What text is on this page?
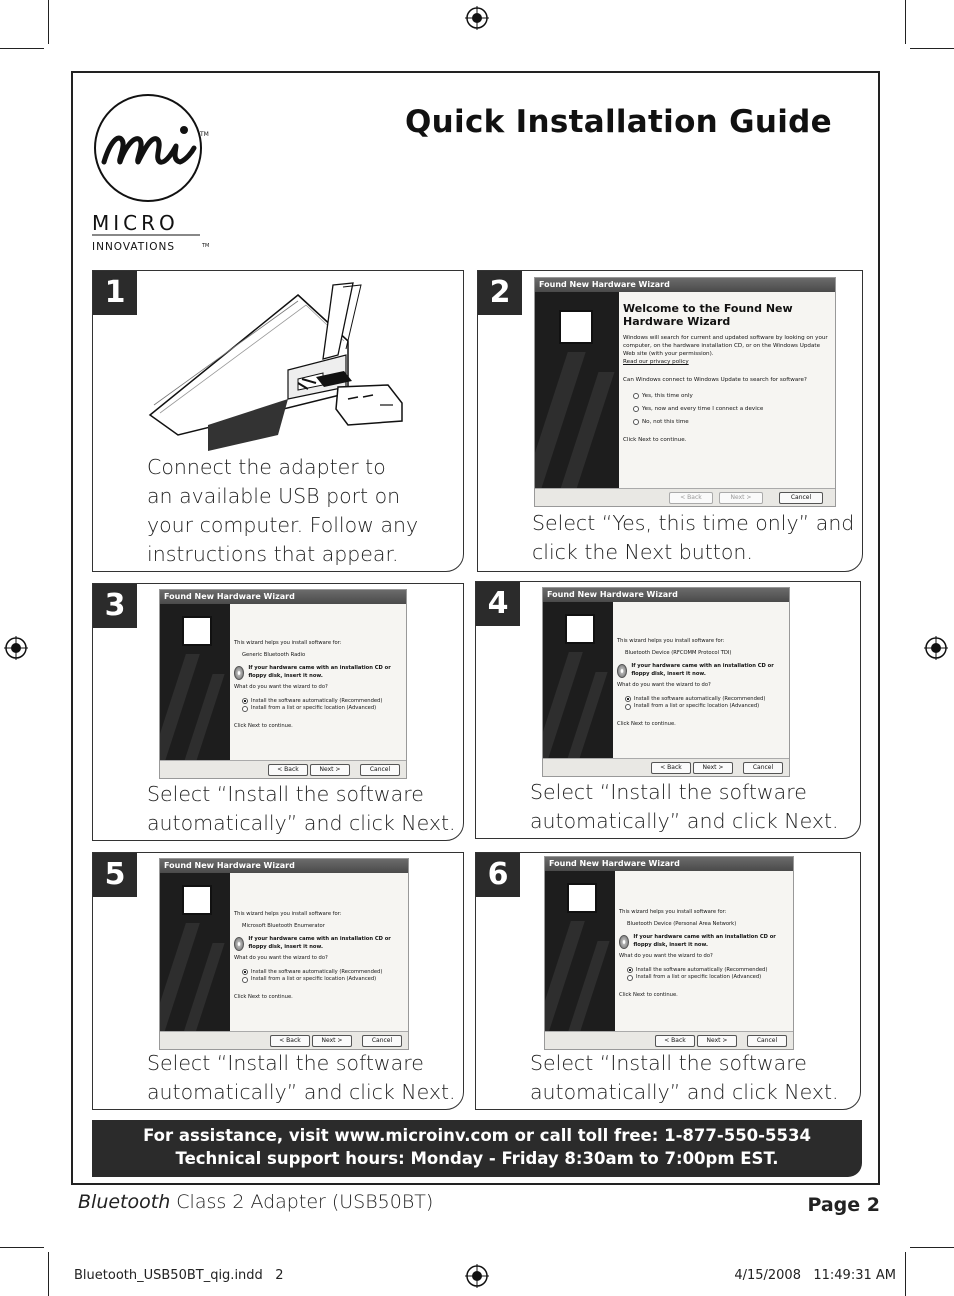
TM
MICRO
INNOVATIONS	TM
Quick Installation Guide
1
Connect the adapter to
an available USB port on
your computer. Follow any
instructions that appear.
2	Found New Hardware Wizard
Welcome to the Found New Hardware Wizard
Windows will search for current and updated software by looking on your computer, on the hardware installation CD, or on the Windows Update Web site (with your permission).
Read our privacy policy
Can Windows connect to Windows Update to search for software?
Yes, this time only
Yes, now and every time I connect a device
No, not this time
Click Next to continue.
< Back	Next >	Cancel
Select “Yes, this time only” and
click the Next button.
3	Found New Hardware Wizard
This wizard helps you install software for:
Generic Bluetooth Radio
If your hardware came with an installation CD or floppy disk, insert it now.
What do you want the wizard to do?
Install the software automatically (Recommended)
Install from a list or specific location (Advanced)
Click Next to continue.
< Back	Next >	Cancel
Select “Install the software
automatically” and click Next.
4	Found New Hardware Wizard
This wizard helps you install software for:
Bluetooth Device (RFCOMM Protocol TDI)
If your hardware came with an installation CD or floppy disk, insert it now.
What do you want the wizard to do?
Install the software automatically (Recommended)
Install from a list or specific location (Advanced)
Click Next to continue.
< Back	Next >	Cancel
Select “Install the software
automatically” and click Next.
5	Found New Hardware Wizard
This wizard helps you install software for:
Microsoft Bluetooth Enumerator
If your hardware came with an installation CD or floppy disk, insert it now.
What do you want the wizard to do?
Install the software automatically (Recommended)
Install from a list or specific location (Advanced)
Click Next to continue.
< Back	Next >	Cancel
Select “Install the software
automatically” and click Next.
6	Found New Hardware Wizard
This wizard helps you install software for:
Bluetooth Device (Personal Area Network)
If your hardware came with an installation CD or floppy disk, insert it now.
What do you want the wizard to do?
Install the software automatically (Recommended)
Install from a list or specific location (Advanced)
Click Next to continue.
< Back	Next >	Cancel
Select “Install the software
automatically” and click Next.
For assistance, visit www.microinv.com or call toll free: 1-877-550-5534
Technical support hours: Monday - Friday 8:30am to 7:00pm EST.
Bluetooth Class 2 Adapter (USB50BT)	Page 2
Bluetooth_USB50BT_qig.indd   2	4/15/2008   11:49:31 AM
